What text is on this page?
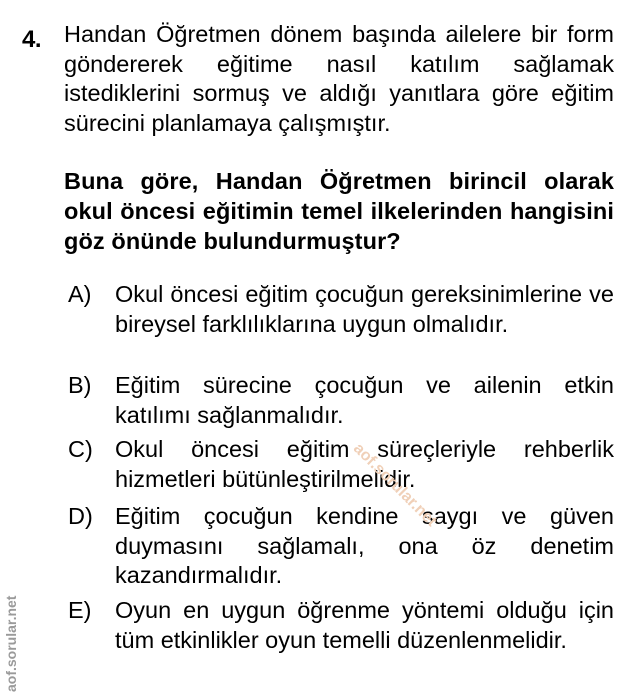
4. Handan Öğretmen dönem başında ailelere bir form göndererek eğitime nasıl katılım sağlamak istediklerini sormuş ve aldığı yanıtlara göre eğitim sürecini planlamaya çalışmıştır.
Buna göre, Handan Öğretmen birincil olarak okul öncesi eğitimin temel ilkelerinden hangisini göz önünde bulundurmuştur?
A) Okul öncesi eğitim çocuğun gereksinimlerine ve bireysel farklılıklarına uygun olmalıdır.
B) Eğitim sürecine çocuğun ve ailenin etkin katılımı sağlanmalıdır.
C) Okul öncesi eğitim süreçleriyle rehberlik hizmetleri bütünleştirilmelidir.
D) Eğitim çocuğun kendine saygı ve güven duymasını sağlamalı, ona öz denetim kazandırmalıdır.
E) Oyun en uygun öğrenme yöntemi olduğu için tüm etkinlikler oyun temelli düzenlenmelidir.
aof.sorular.net
aof.sorular.net
